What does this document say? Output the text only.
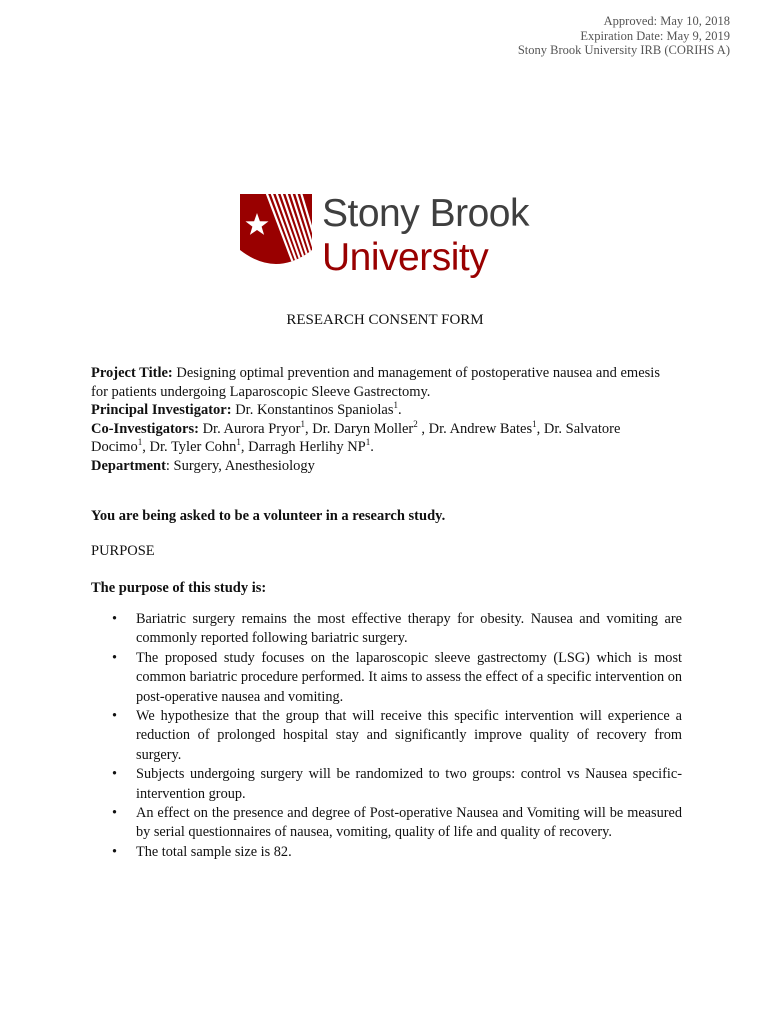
Approved: May 10, 2018
Expiration Date: May 9, 2019
Stony Brook University IRB (CORIHS A)
Stony Brook
University
RESEARCH CONSENT FORM
Project Title: Designing optimal prevention and management of postoperative nausea and emesis for patients undergoing Laparoscopic Sleeve Gastrectomy.
Principal Investigator: Dr. Konstantinos Spaniolas$^1$.
Co-Investigators: Dr. Aurora Pryor$^1$, Dr. Daryn Moller$^2$ , Dr. Andrew Bates$^1$, Dr. Salvatore Docimo$^1$, Dr. Tyler Cohn$^1$, Darragh Herlihy $NP^1$.
Department: Surgery, Anesthesiology
You are being asked to be a volunteer in a research study.
PURPOSE
The purpose of this study is:
• Bariatric surgery remains the most effective therapy for obesity. Nausea and vomiting are commonly reported following bariatric surgery.
• The proposed study focuses on the laparoscopic sleeve gastrectomy (LSG) which is most common bariatric procedure performed. It aims to assess the effect of a specific intervention on post-operative nausea and vomiting.
• We hypothesize that the group that will receive this specific intervention will experience a reduction of prolonged hospital stay and significantly improve quality of recovery from surgery.
• Subjects undergoing surgery will be randomized to two groups: control vs Nausea specific-intervention group.
• An effect on the presence and degree of Post-operative Nausea and Vomiting will be measured by serial questionnaires of nausea, vomiting, quality of life and quality of recovery.
• The total sample size is 82.
